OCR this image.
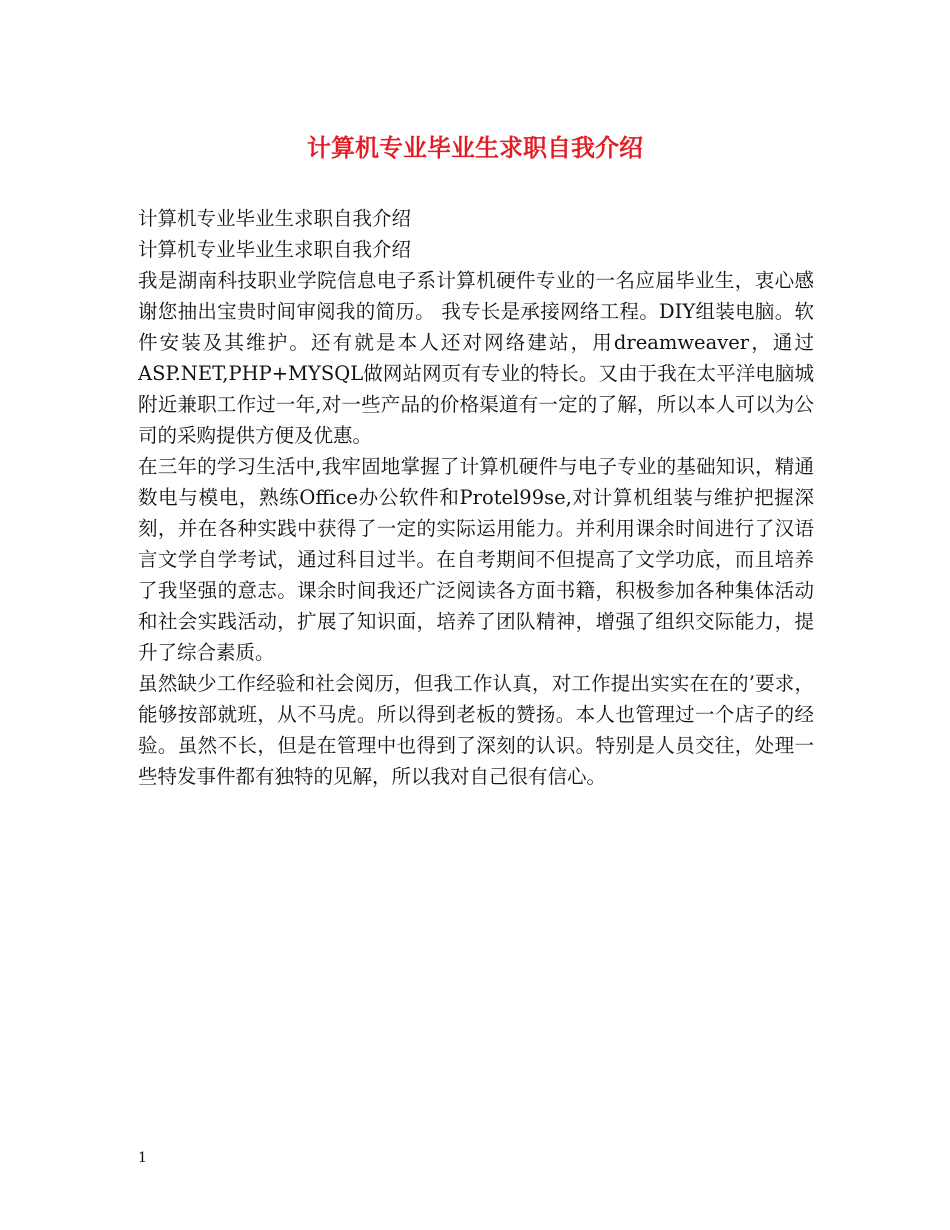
计算机专业毕业生求职自我介绍

计算机专业毕业生求职自我介绍

计算机专业毕业生求职自我介绍

我是湖南科技职业学院信息电子系计算机硬件专业的一名应届毕业生，衷心感谢您抽出宝贵时间审阅我的简历。 我专长是承接网络工程。DIY组装电脑。软件安装及其维护。还有就是本人还对网络建站，用dreamweaver，通过ASP.NET,PHP+MYSQL做网站网页有专业的特长。又由于我在太平洋电脑城附近兼职工作过一年,对一些产品的价格渠道有一定的了解，所以本人可以为公司的采购提供方便及优惠。

在三年的学习生活中,我牢固地掌握了计算机硬件与电子专业的基础知识，精通数电与模电，熟练Office办公软件和Protel99se,对计算机组装与维护把握深刻，并在各种实践中获得了一定的实际运用能力。并利用课余时间进行了汉语言文学自学考试，通过科目过半。在自考期间不但提高了文学功底，而且培养了我坚强的意志。课余时间我还广泛阅读各方面书籍，积极参加各种集体活动和社会实践活动，扩展了知识面，培养了团队精神，增强了组织交际能力，提升了综合素质。

虽然缺少工作经验和社会阅历，但我工作认真，对工作提出实实在在的’要求，能够按部就班，从不马虎。所以得到老板的赞扬。本人也管理过一个店子的经验。虽然不长，但是在管理中也得到了深刻的认识。特别是人员交往，处理一些特发事件都有独特的见解，所以我对自己很有信心。

1
